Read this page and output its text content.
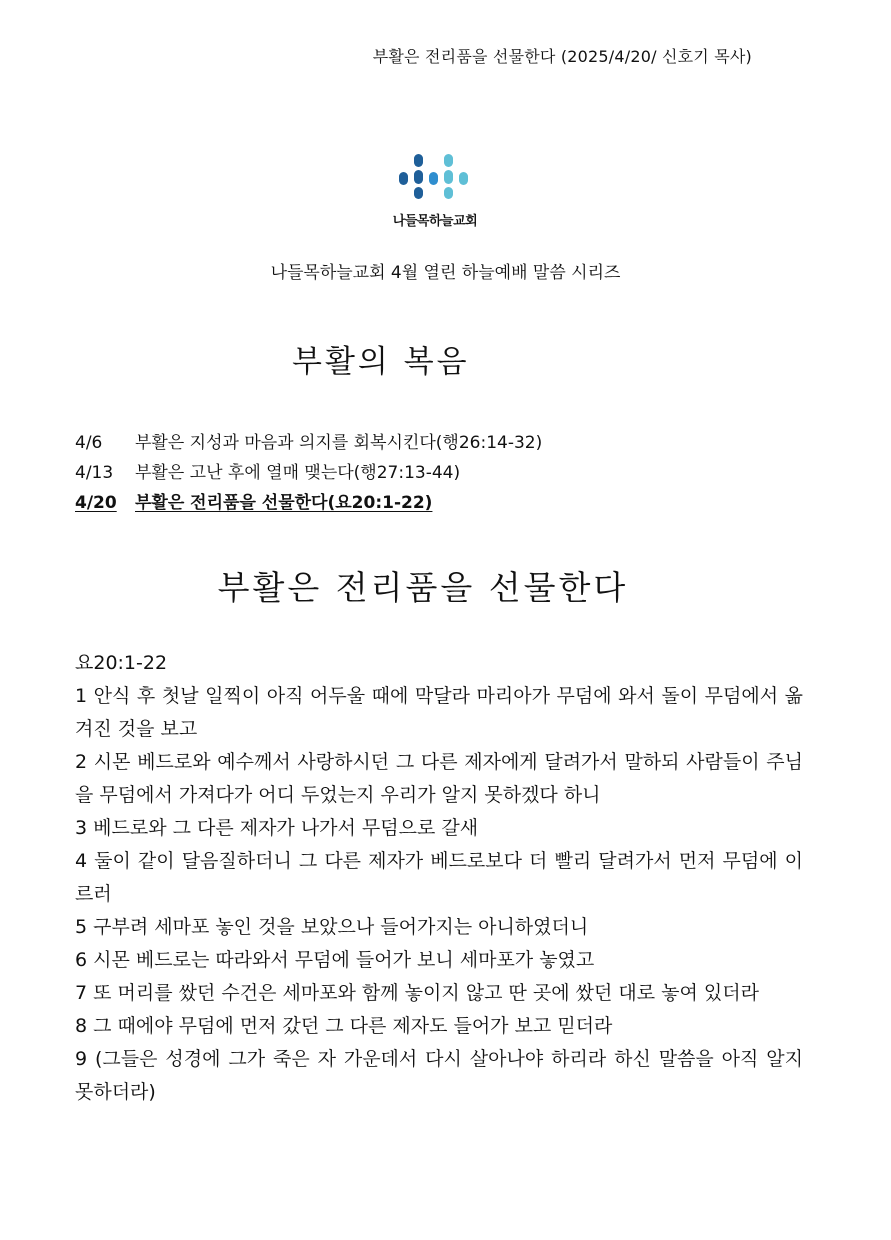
부활은 전리품을 선물한다 (2025/4/20/ 신호기 목사)
나들목하늘교회
나들목하늘교회 4월 열린 하늘예배 말씀 시리즈
부활의 복음
4/6	부활은 지성과 마음과 의지를 회복시킨다(행26:14-32)
4/13	부활은 고난 후에 열매 맺는다(행27:13-44)
4/20	부활은 전리품을 선물한다(요20:1-22)
부활은 전리품을 선물한다
요20:1-22

1 안식 후 첫날 일찍이 아직 어두울 때에 막달라 마리아가 무덤에 와서 돌이 무덤에서 옮겨진 것을 보고

2 시몬 베드로와 예수께서 사랑하시던 그 다른 제자에게 달려가서 말하되 사람들이 주님을 무덤에서 가져다가 어디 두었는지 우리가 알지 못하겠다 하니

3 베드로와 그 다른 제자가 나가서 무덤으로 갈새

4 둘이 같이 달음질하더니 그 다른 제자가 베드로보다 더 빨리 달려가서 먼저 무덤에 이르러

5 구부려 세마포 놓인 것을 보았으나 들어가지는 아니하였더니

6 시몬 베드로는 따라와서 무덤에 들어가 보니 세마포가 놓였고

7 또 머리를 쌌던 수건은 세마포와 함께 놓이지 않고 딴 곳에 쌌던 대로 놓여 있더라

8 그 때에야 무덤에 먼저 갔던 그 다른 제자도 들어가 보고 믿더라

9 (그들은 성경에 그가 죽은 자 가운데서 다시 살아나야 하리라 하신 말씀을 아직 알지 못하더라)
